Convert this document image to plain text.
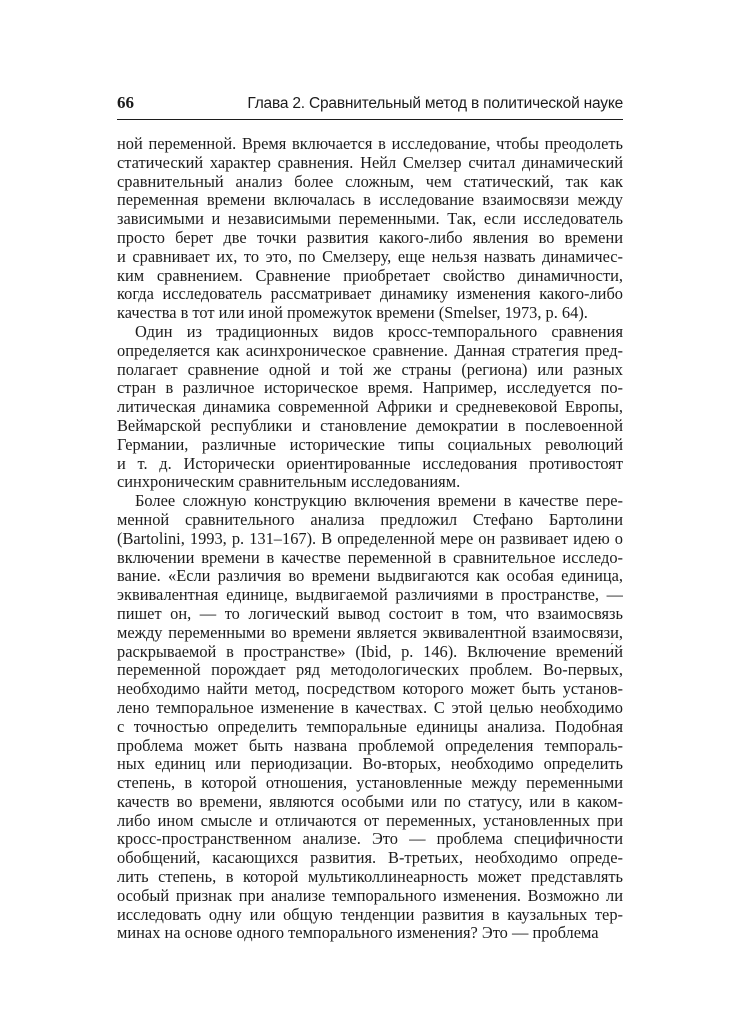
66	Глава 2. Сравнительный метод в политической науке
ной переменной. Время включается в исследование, чтобы преодолеть
статический характер сравнения. Нейл Смелзер считал динамический
сравнительный анализ более сложным, чем статический, так как
переменная времени включалась в исследование взаимосвязи между
зависимыми и независимыми переменными. Так, если исследователь
просто берет две точки развития какого-либо явления во времени
и сравнивает их, то это, по Смелзеру, еще нельзя назвать динамичес-
ким сравнением. Сравнение приобретает свойство динамичности,
когда исследователь рассматривает динамику изменения какого-либо
качества в тот или иной промежуток времени (Smelser, 1973, p. 64).
Один из традиционных видов кросс-темпорального сравнения
определяется как асинхроническое сравнение. Данная стратегия пред-
полагает сравнение одной и той же страны (региона) или разных
стран в различное историческое время. Например, исследуется по-
литическая динамика современной Африки и средневековой Европы,
Веймарской республики и становление демократии в послевоенной
Германии, различные исторические типы социальных революций
и т. д. Исторически ориентированные исследования противостоят
синхроническим сравнительным исследованиям.
Более сложную конструкцию включения времени в качестве пере-
менной сравнительного анализа предложил Стефано Бартолини
(Bartolini, 1993, p. 131–167). В определенной мере он развивает идею о
включении времени в качестве переменной в сравнительное исследо-
вание. «Если различия во времени выдвигаются как особая единица,
эквивалентная единице, выдвигаемой различиями в пространстве, —
пишет он, — то логический вывод состоит в том, что взаимосвязь
между переменными во времени является эквивалентной взаимосвязи,
раскрываемой в пространстве» (Ibid, p. 146). Включение времени́й
переменной порождает ряд методологических проблем. Во-первых,
необходимо найти метод, посредством которого может быть установ-
лено темпоральное изменение в качествах. С этой целью необходимо
с точностью определить темпоральные единицы анализа. Подобная
проблема может быть названа проблемой определения темпораль-
ных единиц или периодизации. Во-вторых, необходимо определить
степень, в которой отношения, установленные между переменными
качеств во времени, являются особыми или по статусу, или в каком-
либо ином смысле и отличаются от переменных, установленных при
кросс-пространственном анализе. Это — проблема специфичности
обобщений, касающихся развития. В-третьих, необходимо опреде-
лить степень, в которой мультиколлинеарность может представлять
особый признак при анализе темпорального изменения. Возможно ли
исследовать одну или общую тенденции развития в каузальных тер-
минах на основе одного темпорального изменения? Это — проблема
